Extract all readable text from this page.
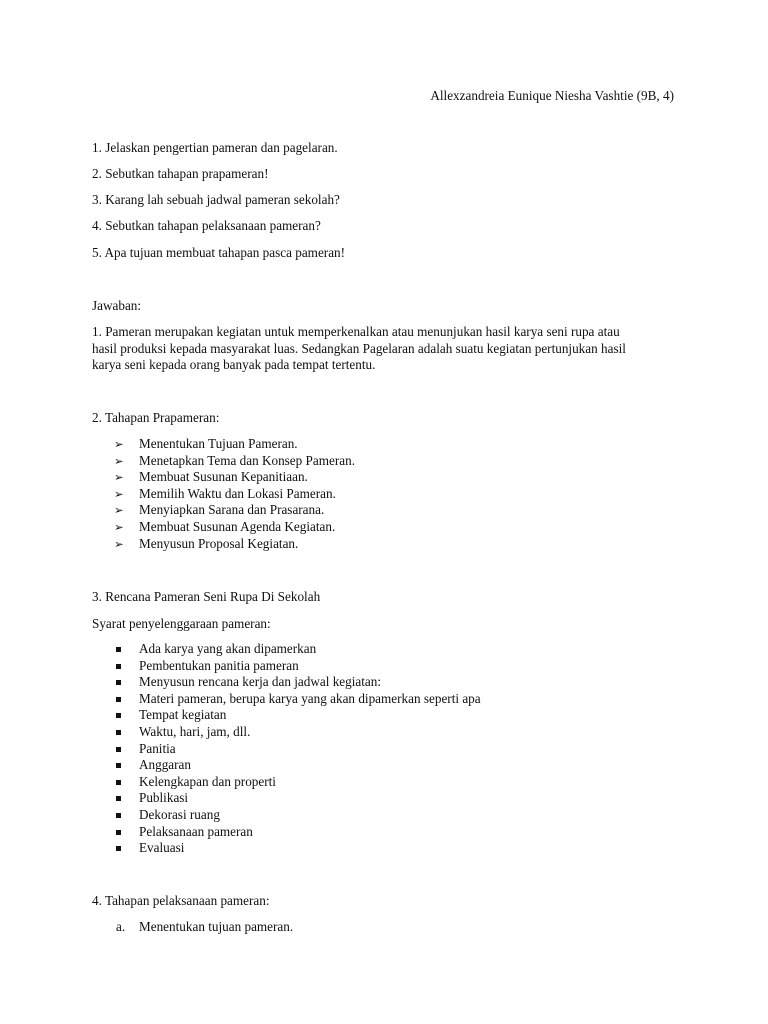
Allexzandreia Eunique Niesha Vashtie (9B, 4)
1. Jelaskan pengertian pameran dan pagelaran.
2. Sebutkan tahapan prapameran!
3. Karang lah sebuah jadwal pameran sekolah?
4. Sebutkan tahapan pelaksanaan pameran?
5. Apa tujuan membuat tahapan pasca pameran!
Jawaban:
1. Pameran merupakan kegiatan untuk memperkenalkan atau menunjukan hasil karya seni rupa atau
hasil produksi kepada masyarakat luas. Sedangkan Pagelaran adalah suatu kegiatan pertunjukan hasil
karya seni kepada orang banyak pada tempat tertentu.
2. Tahapan Prapameran:
➢	Menentukan Tujuan Pameran.
➢	Menetapkan Tema dan Konsep Pameran.
➢	Membuat Susunan Kepanitiaan.
➢	Memilih Waktu dan Lokasi Pameran.
➢	Menyiapkan Sarana dan Prasarana.
➢	Membuat Susunan Agenda Kegiatan.
➢	Menyusun Proposal Kegiatan.
3. Rencana Pameran Seni Rupa Di Sekolah
Syarat penyelenggaraan pameran:
Ada karya yang akan dipamerkan
Pembentukan panitia pameran
Menyusun rencana kerja dan jadwal kegiatan:
Materi pameran, berupa karya yang akan dipamerkan seperti apa
Tempat kegiatan
Waktu, hari, jam, dll.
Panitia
Anggaran
Kelengkapan dan properti
Publikasi
Dekorasi ruang
Pelaksanaan pameran
Evaluasi
4. Tahapan pelaksanaan pameran:
a. Menentukan tujuan pameran.
